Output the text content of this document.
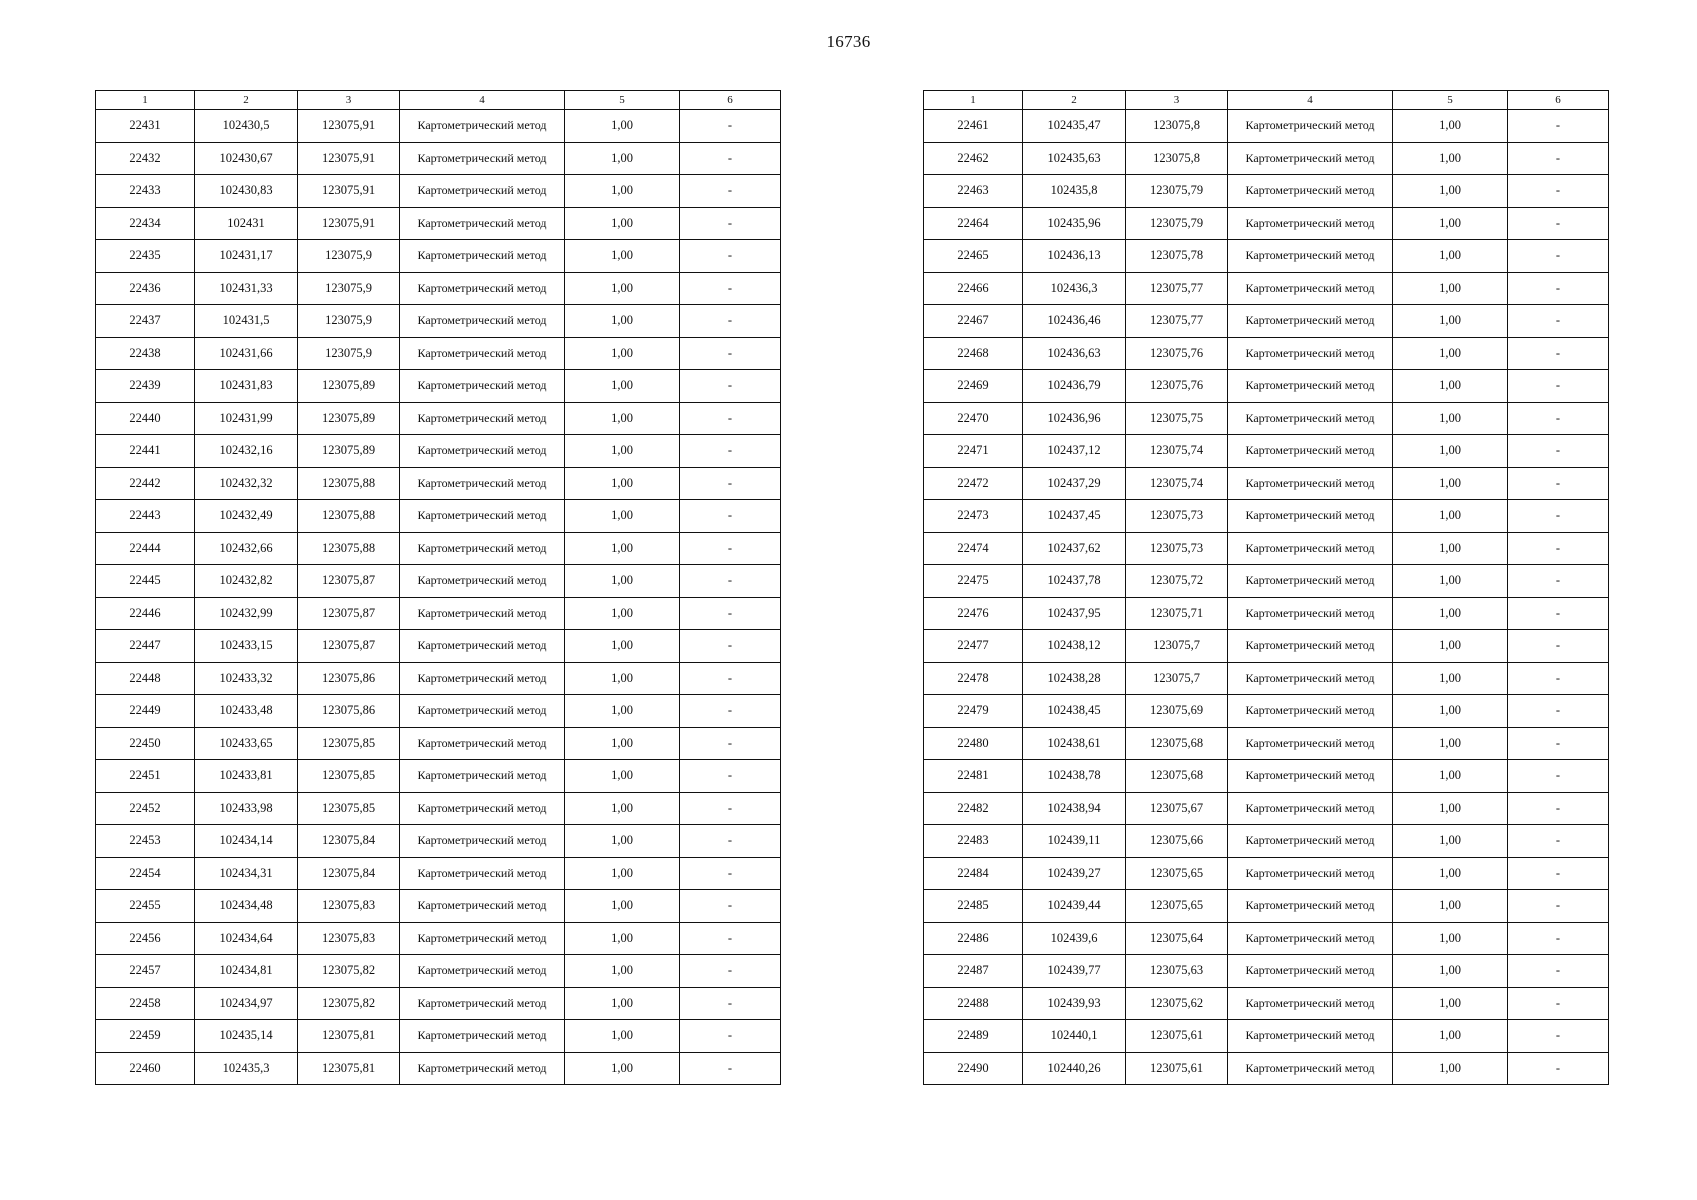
16736
1	2	3	4	5	6
22431	102430,5	123075,91	Картометрический метод	1,00	-
22432	102430,67	123075,91	Картометрический метод	1,00	-
22433	102430,83	123075,91	Картометрический метод	1,00	-
22434	102431	123075,91	Картометрический метод	1,00	-
22435	102431,17	123075,9	Картометрический метод	1,00	-
22436	102431,33	123075,9	Картометрический метод	1,00	-
22437	102431,5	123075,9	Картометрический метод	1,00	-
22438	102431,66	123075,9	Картометрический метод	1,00	-
22439	102431,83	123075,89	Картометрический метод	1,00	-
22440	102431,99	123075,89	Картометрический метод	1,00	-
22441	102432,16	123075,89	Картометрический метод	1,00	-
22442	102432,32	123075,88	Картометрический метод	1,00	-
22443	102432,49	123075,88	Картометрический метод	1,00	-
22444	102432,66	123075,88	Картометрический метод	1,00	-
22445	102432,82	123075,87	Картометрический метод	1,00	-
22446	102432,99	123075,87	Картометрический метод	1,00	-
22447	102433,15	123075,87	Картометрический метод	1,00	-
22448	102433,32	123075,86	Картометрический метод	1,00	-
22449	102433,48	123075,86	Картометрический метод	1,00	-
22450	102433,65	123075,85	Картометрический метод	1,00	-
22451	102433,81	123075,85	Картометрический метод	1,00	-
22452	102433,98	123075,85	Картометрический метод	1,00	-
22453	102434,14	123075,84	Картометрический метод	1,00	-
22454	102434,31	123075,84	Картометрический метод	1,00	-
22455	102434,48	123075,83	Картометрический метод	1,00	-
22456	102434,64	123075,83	Картометрический метод	1,00	-
22457	102434,81	123075,82	Картометрический метод	1,00	-
22458	102434,97	123075,82	Картометрический метод	1,00	-
22459	102435,14	123075,81	Картометрический метод	1,00	-
22460	102435,3	123075,81	Картометрический метод	1,00	-
1	2	3	4	5	6
22461	102435,47	123075,8	Картометрический метод	1,00	-
22462	102435,63	123075,8	Картометрический метод	1,00	-
22463	102435,8	123075,79	Картометрический метод	1,00	-
22464	102435,96	123075,79	Картометрический метод	1,00	-
22465	102436,13	123075,78	Картометрический метод	1,00	-
22466	102436,3	123075,77	Картометрический метод	1,00	-
22467	102436,46	123075,77	Картометрический метод	1,00	-
22468	102436,63	123075,76	Картометрический метод	1,00	-
22469	102436,79	123075,76	Картометрический метод	1,00	-
22470	102436,96	123075,75	Картометрический метод	1,00	-
22471	102437,12	123075,74	Картометрический метод	1,00	-
22472	102437,29	123075,74	Картометрический метод	1,00	-
22473	102437,45	123075,73	Картометрический метод	1,00	-
22474	102437,62	123075,73	Картометрический метод	1,00	-
22475	102437,78	123075,72	Картометрический метод	1,00	-
22476	102437,95	123075,71	Картометрический метод	1,00	-
22477	102438,12	123075,7	Картометрический метод	1,00	-
22478	102438,28	123075,7	Картометрический метод	1,00	-
22479	102438,45	123075,69	Картометрический метод	1,00	-
22480	102438,61	123075,68	Картометрический метод	1,00	-
22481	102438,78	123075,68	Картометрический метод	1,00	-
22482	102438,94	123075,67	Картометрический метод	1,00	-
22483	102439,11	123075,66	Картометрический метод	1,00	-
22484	102439,27	123075,65	Картометрический метод	1,00	-
22485	102439,44	123075,65	Картометрический метод	1,00	-
22486	102439,6	123075,64	Картометрический метод	1,00	-
22487	102439,77	123075,63	Картометрический метод	1,00	-
22488	102439,93	123075,62	Картометрический метод	1,00	-
22489	102440,1	123075,61	Картометрический метод	1,00	-
22490	102440,26	123075,61	Картометрический метод	1,00	-
